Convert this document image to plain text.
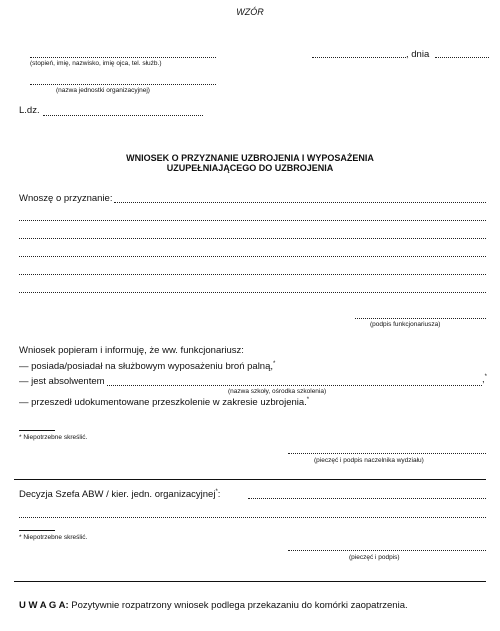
WZÓR
(stopień, imię, nazwisko, imię ojca, tel. służb.)
(nazwa jednostki organizacyjnej)
L.dz.
, dnia
WNIOSEK O PRZYZNANIE UZBROJENIA I WYPOSAŻENIA
UZUPEŁNIAJĄCEGO DO UZBROJENIA
Wnoszę o przyznanie:
(podpis funkcjonariusza)
Wniosek popieram i informuję, że ww. funkcjonariusz:
— posiada/posiadał na służbowym wyposażeniu broń palną,*
— jest absolwentem	,*
(nazwa szkoły, ośrodka szkolenia)
— przeszedł udokumentowane przeszkolenie w zakresie uzbrojenia.*
* Niepotrzebne skreślić.
(pieczęć i podpis naczelnika wydziału)
Decyzja Szefa ABW / kier. jedn. organizacyjnej*:
* Niepotrzebne skreślić.
(pieczęć i podpis)
U W A G A: Pozytywnie rozpatrzony wniosek podlega przekazaniu do komórki zaopatrzenia.
